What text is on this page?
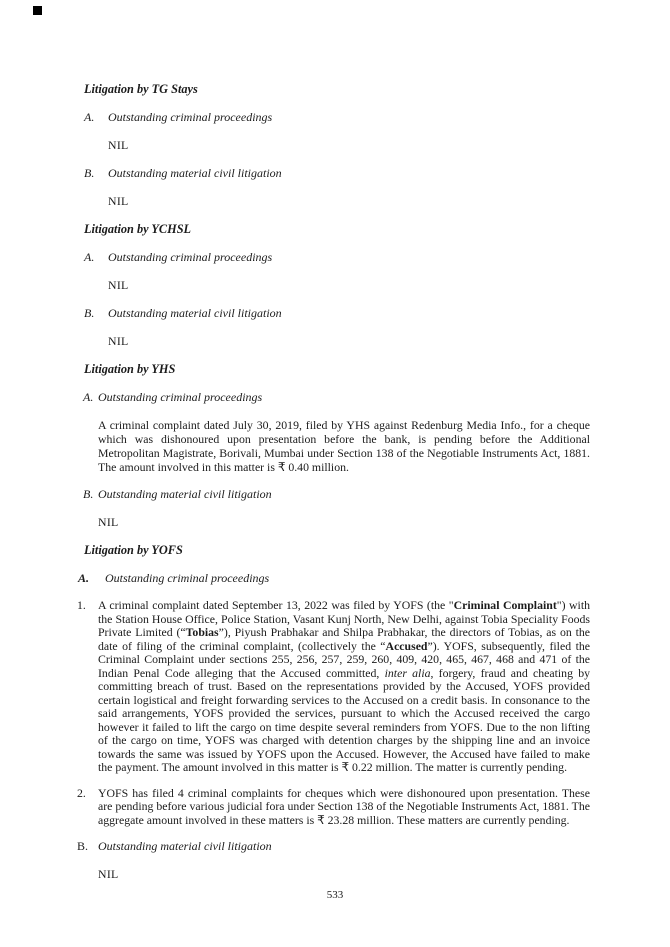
Litigation by TG Stays
A.	Outstanding criminal proceedings
NIL
B.	Outstanding material civil litigation
NIL
Litigation by YCHSL
A.	Outstanding criminal proceedings
NIL
B.	Outstanding material civil litigation
NIL
Litigation by YHS
A. Outstanding criminal proceedings

A criminal complaint dated July 30, 2019, filed by YHS against Redenburg Media Info., for a cheque which was dishonoured upon presentation before the bank, is pending before the Additional Metropolitan Magistrate, Borivali, Mumbai under Section 138 of the Negotiable Instruments Act, 1881. The amount involved in this matter is ₹ 0.40 million.

B. Outstanding material civil litigation
NIL
Litigation by YOFS
A.	Outstanding criminal proceedings
1.	A criminal complaint dated September 13, 2022 was filed by YOFS (the "Criminal Complaint") with the Station House Office, Police Station, Vasant Kunj North, New Delhi, against Tobia Speciality Foods Private Limited (“Tobias”), Piyush Prabhakar and Shilpa Prabhakar, the directors of Tobias, as on the date of filing of the criminal complaint, (collectively the “Accused”). YOFS, subsequently, filed the Criminal Complaint under sections 255, 256, 257, 259, 260, 409, 420, 465, 467, 468 and 471 of the Indian Penal Code alleging that the Accused committed, inter alia, forgery, fraud and cheating by committing breach of trust. Based on the representations provided by the Accused, YOFS provided certain logistical and freight forwarding services to the Accused on a credit basis. In consonance to the said arrangements, YOFS provided the services, pursuant to which the Accused received the cargo however it failed to lift the cargo on time despite several reminders from YOFS. Due to the non lifting of the cargo on time, YOFS was charged with detention charges by the shipping line and an invoice towards the same was issued by YOFS upon the Accused. However, the Accused have failed to make the payment. The amount involved in this matter is ₹ 0.22 million. The matter is currently pending.
2.	YOFS has filed 4 criminal complaints for cheques which were dishonoured upon presentation. These are pending before various judicial fora under Section 138 of the Negotiable Instruments Act, 1881. The aggregate amount involved in these matters is ₹ 23.28 million. These matters are currently pending.
B. Outstanding material civil litigation
NIL
533
